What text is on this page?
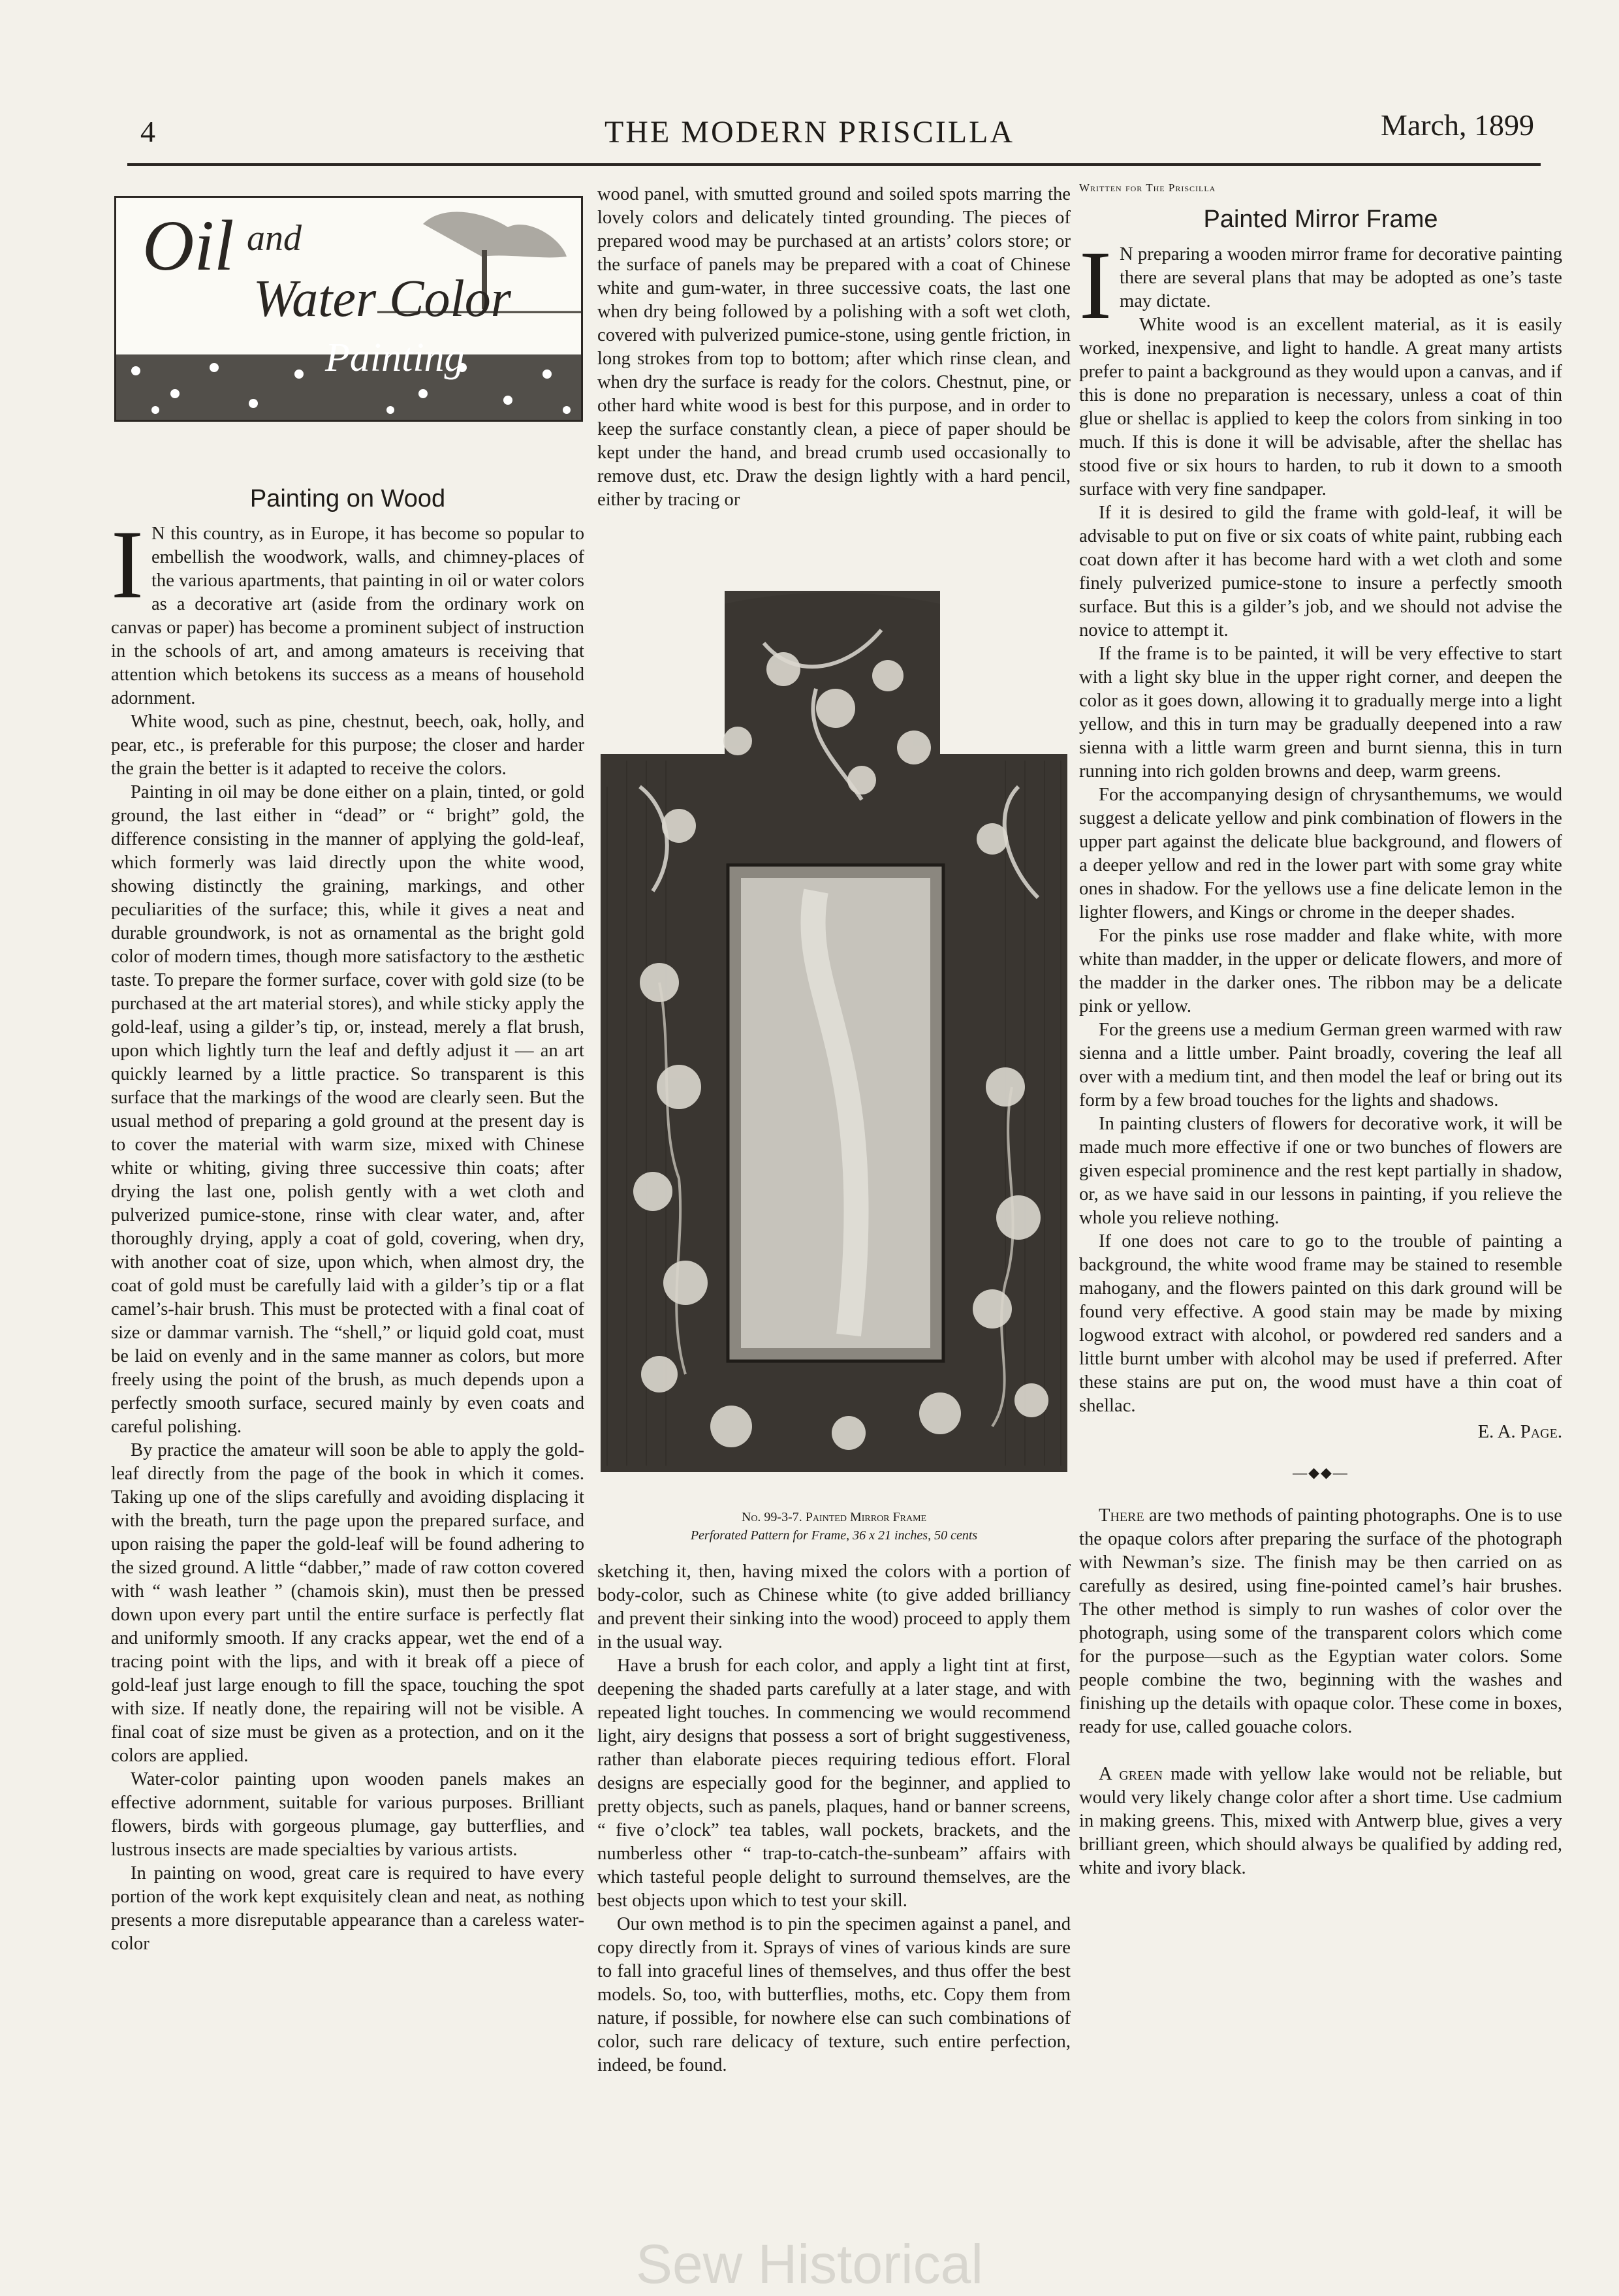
4	THE MODERN PRISCILLA	March, 1899
Oil and
Water Color
Painting
Painting on Wood

I N this country, as in Europe, it has become so popular to embellish the woodwork, walls, and chimney-places of the various apartments, that painting in oil or water colors as a decorative art (aside from the ordinary work on canvas or paper) has become a prominent subject of instruction in the schools of art, and among amateurs is receiving that attention which betokens its success as a means of household adornment.

White wood, such as pine, chestnut, beech, oak, holly, and pear, etc., is preferable for this purpose; the closer and harder the grain the better is it adapted to receive the colors.

Painting in oil may be done either on a plain, tinted, or gold ground, the last either in “dead” or “ bright” gold, the difference consisting in the manner of applying the gold-leaf, which formerly was laid directly upon the white wood, showing distinctly the graining, markings, and other peculiarities of the surface; this, while it gives a neat and durable groundwork, is not as ornamental as the bright gold color of modern times, though more satisfactory to the æsthetic taste. To prepare the former surface, cover with gold size (to be purchased at the art material stores), and while sticky apply the gold-leaf, using a gilder’s tip, or, instead, merely a flat brush, upon which lightly turn the leaf and deftly adjust it — an art quickly learned by a little practice. So transparent is this surface that the markings of the wood are clearly seen. But the usual method of preparing a gold ground at the present day is to cover the material with warm size, mixed with Chinese white or whiting, giving three successive thin coats; after drying the last one, polish gently with a wet cloth and pulverized pumice-stone, rinse with clear water, and, after thoroughly drying, apply a coat of gold, covering, when dry, with another coat of size, upon which, when almost dry, the coat of gold must be carefully laid with a gilder’s tip or a flat camel’s-hair brush. This must be protected with a final coat of size or dammar varnish. The “shell,” or liquid gold coat, must be laid on evenly and in the same manner as colors, but more freely using the point of the brush, as much depends upon a perfectly smooth surface, secured mainly by even coats and careful polishing.

By practice the amateur will soon be able to apply the gold-leaf directly from the page of the book in which it comes. Taking up one of the slips carefully and avoiding displacing it with the breath, turn the page upon the prepared surface, and upon raising the paper the gold-leaf will be found adhering to the sized ground. A little “dabber,” made of raw cotton covered with “ wash leather ” (chamois skin), must then be pressed down upon every part until the entire surface is perfectly flat and uniformly smooth. If any cracks appear, wet the end of a tracing point with the lips, and with it break off a piece of gold-leaf just large enough to fill the space, touching the spot with size. If neatly done, the repairing will not be visible. A final coat of size must be given as a protection, and on it the colors are applied.

Water-color painting upon wooden panels makes an effective adornment, suitable for various purposes. Brilliant flowers, birds with gorgeous plumage, gay butterflies, and lustrous insects are made specialties by various artists.

In painting on wood, great care is required to have every portion of the work kept exquisitely clean and neat, as nothing presents a more disreputable appearance than a careless water-color

wood panel, with smutted ground and soiled spots marring the lovely colors and delicately tinted grounding. The pieces of prepared wood may be purchased at an artists’ colors store; or the surface of panels may be prepared with a coat of Chinese white and gum-water, in three successive coats, the last one when dry being followed by a polishing with a soft wet cloth, covered with pulverized pumice-stone, using gentle friction, in long strokes from top to bottom; after which rinse clean, and when dry the surface is ready for the colors. Chestnut, pine, or other hard white wood is best for this purpose, and in order to keep the surface constantly clean, a piece of paper should be kept under the hand, and bread crumb used occasionally to remove dust, etc. Draw the design lightly with a hard pencil, either by tracing or

No. 99-3-7. Painted Mirror Frame
Perforated Pattern for Frame, 36 x 21 inches, 50 cents

sketching it, then, having mixed the colors with a portion of body-color, such as Chinese white (to give added brilliancy and prevent their sinking into the wood) proceed to apply them in the usual way.

Have a brush for each color, and apply a light tint at first, deepening the shaded parts carefully at a later stage, and with repeated light touches. In commencing we would recommend light, airy designs that possess a sort of bright suggestiveness, rather than elaborate pieces requiring tedious effort. Floral designs are especially good for the beginner, and applied to pretty objects, such as panels, plaques, hand or banner screens, “ five o’clock” tea tables, wall pockets, brackets, and the numberless other “ trap-to-catch-the-sunbeam” affairs with which tasteful people delight to surround themselves, are the best objects upon which to test your skill.

Our own method is to pin the specimen against a panel, and copy directly from it. Sprays of vines of various kinds are sure to fall into graceful lines of themselves, and thus offer the best models. So, too, with butterflies, moths, etc. Copy them from nature, if possible, for nowhere else can such combinations of color, such rare delicacy of texture, such entire perfection, indeed, be found.

Written for The Priscilla
Painted Mirror Frame

I N preparing a wooden mirror frame for decorative painting there are several plans that may be adopted as one’s taste may dictate.

White wood is an excellent material, as it is easily worked, inexpensive, and light to handle. A great many artists prefer to paint a background as they would upon a canvas, and if this is done no preparation is necessary, unless a coat of thin glue or shellac is applied to keep the colors from sinking in too much. If this is done it will be advisable, after the shellac has stood five or six hours to harden, to rub it down to a smooth surface with very fine sandpaper.

If it is desired to gild the frame with gold-leaf, it will be advisable to put on five or six coats of white paint, rubbing each coat down after it has become hard with a wet cloth and some finely pulverized pumice-stone to insure a perfectly smooth surface. But this is a gilder’s job, and we should not advise the novice to attempt it.

If the frame is to be painted, it will be very effective to start with a light sky blue in the upper right corner, and deepen the color as it goes down, allowing it to gradually merge into a light yellow, and this in turn may be gradually deepened into a raw sienna with a little warm green and burnt sienna, this in turn running into rich golden browns and deep, warm greens.

For the accompanying design of chrysanthemums, we would suggest a delicate yellow and pink combination of flowers in the upper part against the delicate blue background, and flowers of a deeper yellow and red in the lower part with some gray white ones in shadow. For the yellows use a fine delicate lemon in the lighter flowers, and Kings or chrome in the deeper shades.

For the pinks use rose madder and flake white, with more white than madder, in the upper or delicate flowers, and more of the madder in the darker ones. The ribbon may be a delicate pink or yellow.

For the greens use a medium German green warmed with raw sienna and a little umber. Paint broadly, covering the leaf all over with a medium tint, and then model the leaf or bring out its form by a few broad touches for the lights and shadows.

In painting clusters of flowers for decorative work, it will be made much more effective if one or two bunches of flowers are given especial prominence and the rest kept partially in shadow, or, as we have said in our lessons in painting, if you relieve the whole you relieve nothing.

If one does not care to go to the trouble of painting a background, the white wood frame may be stained to resemble mahogany, and the flowers painted on this dark ground will be found very effective. A good stain may be made by mixing logwood extract with alcohol, or powdered red sanders and a little burnt umber with alcohol may be used if preferred. After these stains are put on, the wood must have a thin coat of shellac.

E. A. Page.
—◆◆—

There are two methods of painting photographs. One is to use the opaque colors after preparing the surface of the photograph with Newman’s size. The finish may be then carried on as carefully as desired, using fine-pointed camel’s hair brushes. The other method is simply to run washes of color over the photograph, using some of the transparent colors which come for the purpose—such as the Egyptian water colors. Some people combine the two, beginning with the washes and finishing up the details with opaque color. These come in boxes, ready for use, called gouache colors.

A green made with yellow lake would not be reliable, but would very likely change color after a short time. Use cadmium in making greens. This, mixed with Antwerp blue, gives a very brilliant green, which should always be qualified by adding red, white and ivory black.

Sew Historical
